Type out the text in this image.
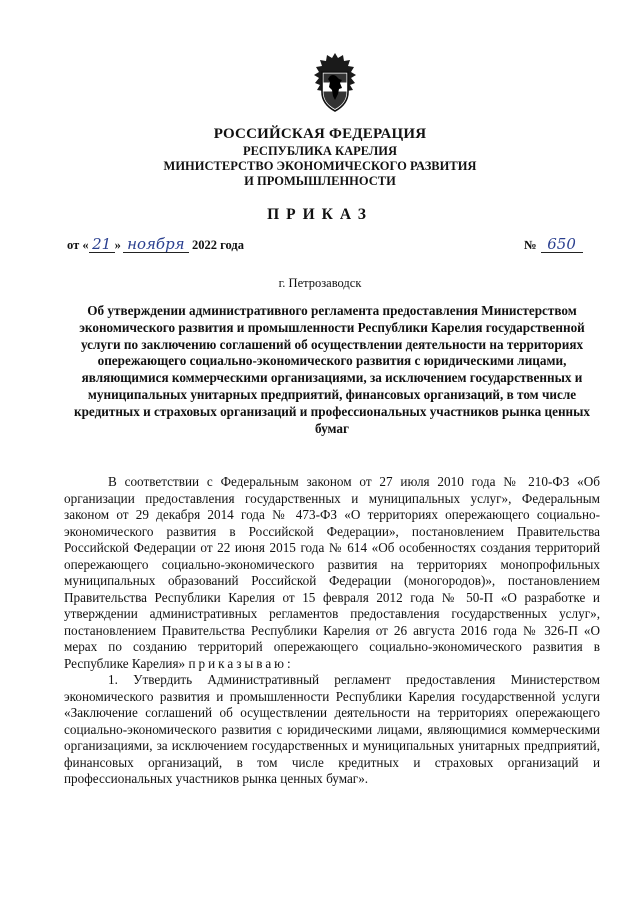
РОССИЙСКАЯ ФЕДЕРАЦИЯ
РЕСПУБЛИКА КАРЕЛИЯ
МИНИСТЕРСТВО ЭКОНОМИЧЕСКОГО РАЗВИТИЯ
И ПРОМЫШЛЕННОСТИ
ПРИКАЗ
от « 21 » ноября 2022 года	№ 650
г. Петрозаводск
Об утверждении административного регламента предоставления Министерством экономического развития и промышленности Республики Карелия государственной услуги по заключению соглашений об осуществлении деятельности на территориях опережающего социально-экономического развития с юридическими лицами, являющимися коммерческими организациями, за исключением государственных и муниципальных унитарных предприятий, финансовых организаций, в том числе кредитных и страховых организаций и профессиональных участников рынка ценных бумаг

В соответствии с Федеральным законом от 27 июля 2010 года № 210-ФЗ «Об организации предоставления государственных и муниципальных услуг», Федеральным законом от 29 декабря 2014 года № 473-ФЗ «О территориях опережающего социально-экономического развития в Российской Федерации», постановлением Правительства Российской Федерации от 22 июня 2015 года № 614 «Об особенностях создания территорий опережающего социально-экономического развития на территориях монопрофильных муниципальных образований Российской Федерации (моногородов)», постановлением Правительства Республики Карелия от 15 февраля 2012 года № 50-П «О разработке и утверждении административных регламентов предоставления государственных услуг», постановлением Правительства Республики Карелия от 26 августа 2016 года № 326-П «О мерах по созданию территорий опережающего социально-экономического развития в Республике Карелия» приказываю:

1. Утвердить Административный регламент предоставления Министерством экономического развития и промышленности Республики Карелия государственной услуги «Заключение соглашений об осуществлении деятельности на территориях опережающего социально-экономического развития с юридическими лицами, являющимися коммерческими организациями, за исключением государственных и муниципальных унитарных предприятий, финансовых организаций, в том числе кредитных и страховых организаций и профессиональных участников рынка ценных бумаг».
